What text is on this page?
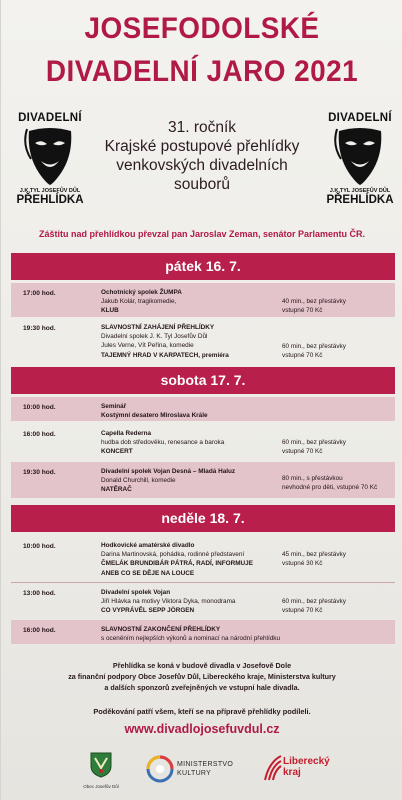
JOSEFODOLSKÉ
DIVADELNÍ JARO 2021
DIVADELNÍ
J.K.TYL JOSEFŮV DŮL
PŘEHLÍDKA
31. ročník
Krajské postupové přehlídky
venkovských divadelních
souborů
DIVADELNÍ
J.K.TYL JOSEFŮV DŮL
PŘEHLÍDKA
Záštitu nad přehlídkou převzal pan Jaroslav Zeman, senátor Parlamentu ČR.
pátek 16. 7.
17:00 hod.	Ochotnický spolek ŽUMPA
Jakub Kolár, tragikomedie,
KLUB
40 min., bez přestávky
vstupné 70 Kč
19:30 hod.	SLAVNOSTNÍ ZAHÁJENÍ PŘEHLÍDKY
Divadelní spolek J. K. Tyl Josefův Důl
Jules Verne, Vít Peřina, komedie
TAJEMNÝ HRAD V KARPATECH, premiéra
60 min., bez přestávky
vstupné 70 Kč
sobota 17. 7.
10:00 hod.	Seminář
Kostýmní desatero Miroslava Krále
16:00 hod.	Capella Rederna
hudba dob středověku, renesance a baroka
KONCERT
60 min., bez přestávky
vstupné 70 Kč
19:30 hod.	Divadelní spolek Vojan Desná – Mladá Haluz
Donald Churchill, komedie
NATĚRAČ
80 min., s přestávkou
nevhodné pro děti, vstupné 70 Kč
neděle 18. 7.
10:00 hod.	Hodkovické amatérské divadlo
Darina Martinovská, pohádka, rodinné představení
ČMELÁK BRUNDIBÁR PÁTRÁ, RADÍ, INFORMUJE
ANEB CO SE DĚJE NA LOUCE
45 min., bez přestávky
vstupné 30 Kč
13:00 hod.	Divadelní spolek Vojan
Jiří Hlávka na motivy Viktora Dyka, monodrama
CO VYPRÁVĚL SEPP JÖRGEN
60 min., bez přestávky
vstupné 70 Kč
16:00 hod.	SLAVNOSTNÍ ZAKONČENÍ PŘEHLÍDKY
s oceněním nejlepších výkonů a nominací na národní přehlídku
Přehlídka se koná v budově divadla v Josefově Dole
za finanční podpory Obce Josefův Důl, Libereckého kraje, Ministerstva kultury
a dalších sponzorů zveřejněných ve vstupní hale divadla.
Poděkování patří všem, kteří se na přípravě přehlídky podíleli.
www.divadlojosefuvdul.cz
Obec Josefův Důl
MINISTERSTVO
KULTURY
Liberecký
kraj
